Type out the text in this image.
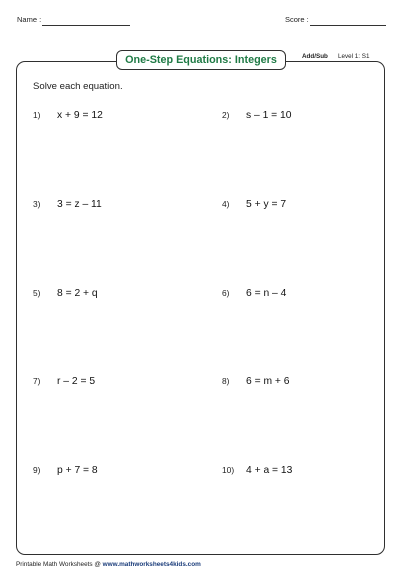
Name :	Score :
One-Step Equations: Integers	Add/Sub Level 1: S1
Solve each equation.
1) x + 9 = 12	2) s – 1 = 10
3) 3 = z – 11	4) 5 + y = 7
5) 8 = 2 + q	6) 6 = n – 4
7) r – 2 = 5	8) 6 = m + 6
9) p + 7 = 8	10) 4 + a = 13
Printable Math Worksheets @ www.mathworksheets4kids.com
